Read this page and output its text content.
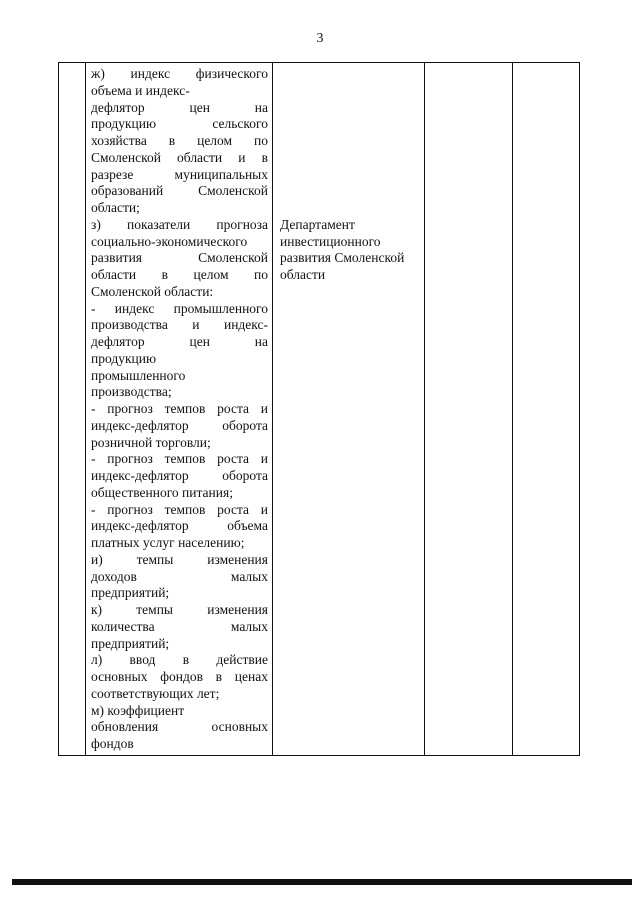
3
ж) индекс физического
объема и индекс-
дефлятор цен на
продукцию сельского
хозяйства в целом по
Смоленской области и в
разрезе муниципальных
образований Смоленской
области;
з) показатели прогноза
социально-экономического
развития Смоленской
области в целом по
Смоленской области:
- индекс промышленного
производства и индекс-
дефлятор цен на
продукцию
промышленного
производства;
- прогноз темпов роста и
индекс-дефлятор оборота
розничной торговли;
- прогноз темпов роста и
индекс-дефлятор оборота
общественного питания;
- прогноз темпов роста и
индекс-дефлятор объема
платных услуг населению;
и) темпы изменения
доходов малых
предприятий;
к) темпы изменения
количества малых
предприятий;
л) ввод в действие
основных фондов в ценах
соответствующих лет;
м) коэффициент
обновления основных
фондов
Департамент
инвестиционного
развития Смоленской
области
